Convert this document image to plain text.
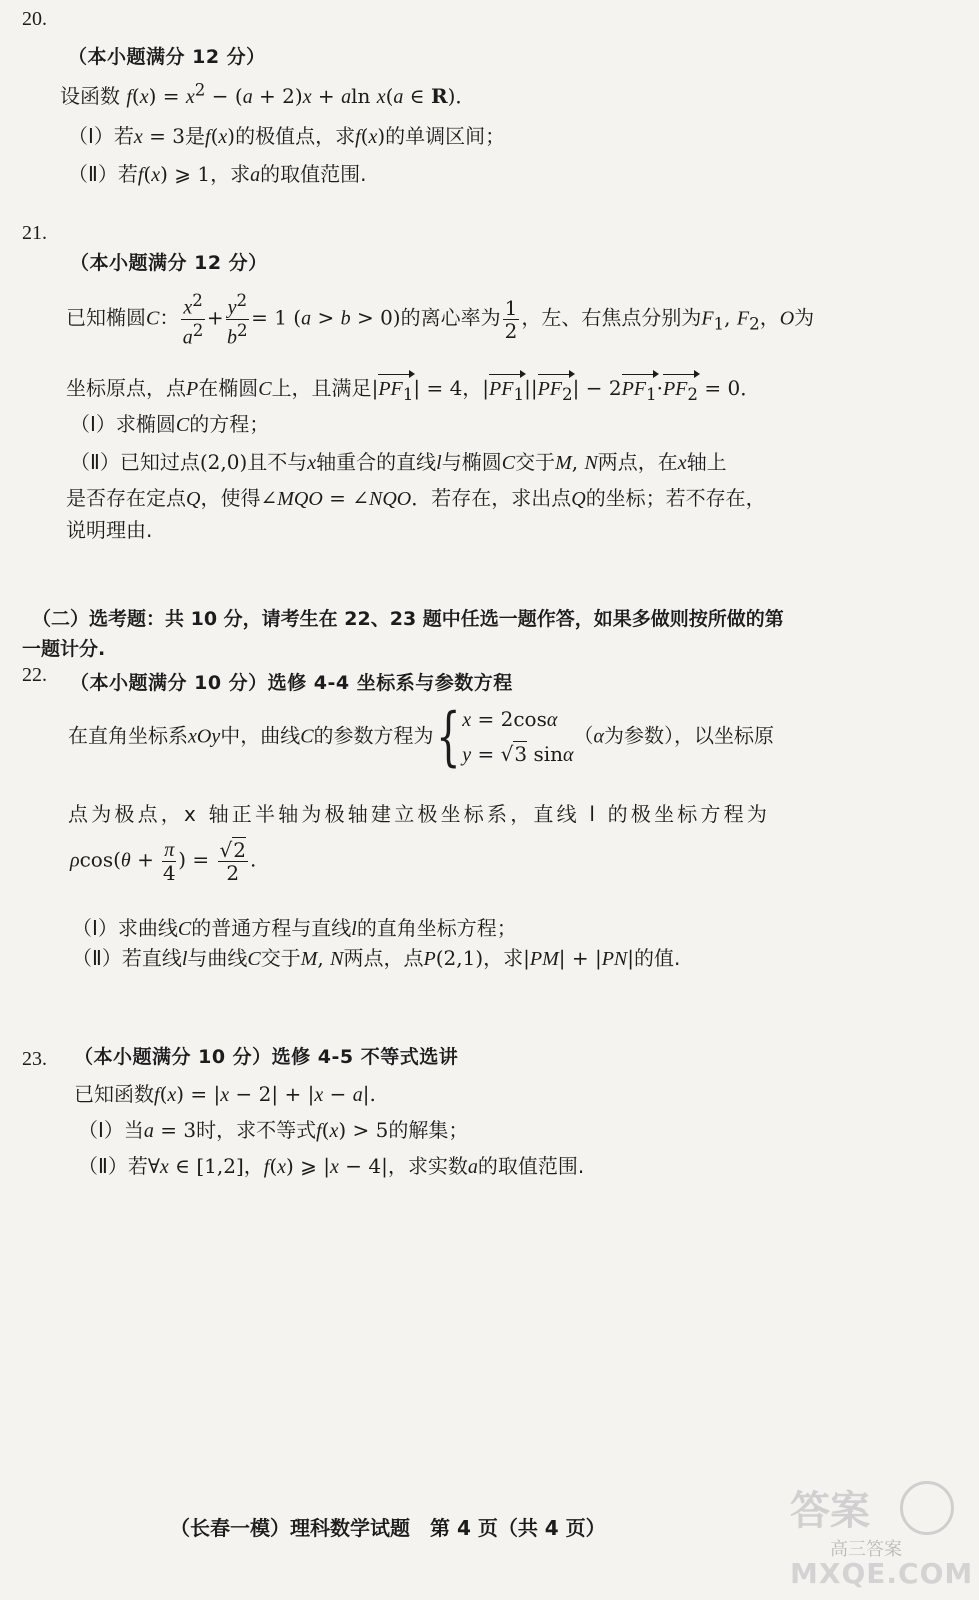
20.
（本小题满分 12 分）
设函数 $f(x) = x^2 - (a + 2)x + aln$ x(a ∈ R)．
（Ⅰ）若x = 3是f(x)的极值点，求f(x)的单调区间；
（Ⅱ）若f(x) ⩾ 1，求a的取值范围.
21.
（本小题满分 12 分）
已知椭圆C： $\frac{x^2}{a^2} + \frac{y^2}{b^2} = 1$ (a > b > 0)的离心率为 $\frac{1}{2}$ ，左、右焦点分别为$F_1$, $F_2$，O为
坐标原点，点P在椭圆C上，且满足$|PF_1| = 4$，$|PF_1||PF_2| - 2PF_1\cdot PF_2 = 0$．
（Ⅰ）求椭圆C的方程；
（Ⅱ）已知过点(2,0)且不与x轴重合的直线l与椭圆C交于M, N两点，在x轴上
是否存在定点Q，使得∠MQO = ∠NQO．若存在，求出点Q的坐标；若不存在，
说明理由.
（二）选考题：共 10 分，请考生在 22、23 题中任选一题作答，如果多做则按所做的第
一题计分.
22. （本小题满分 10 分）选修 4-4 坐标系与参数方程
在直角坐标系xOy中，曲线C的参数方程为{ x = 2cosα
y = √3 sinα
（α为参数），以坐标原
点为极点，x 轴正半轴为极轴建立极坐标系，直线 l 的极坐标方程为
$\rho\cos(\theta + \frac{\pi}{4}$ ) = $\frac{√2}{2}$ .
（Ⅰ）求曲线C的普通方程与直线l的直角坐标方程；
（Ⅱ）若直线l与曲线C交于M, N两点，点P(2,1)，求|PM| + |PN|的值.
23. （本小题满分 10 分）选修 4-5 不等式选讲
已知函数f(x) = |x − 2| + |x − a|.
（Ⅰ）当a = 3时，求不等式f(x) > 5的解集；
（Ⅱ）若∀x ∈ [1,2]，f(x) ⩾ |x − 4|，求实数a的取值范围.
（长春一模）理科数学试题　第 4 页（共 4 页）	答案
高三答案
MXQE.COM
